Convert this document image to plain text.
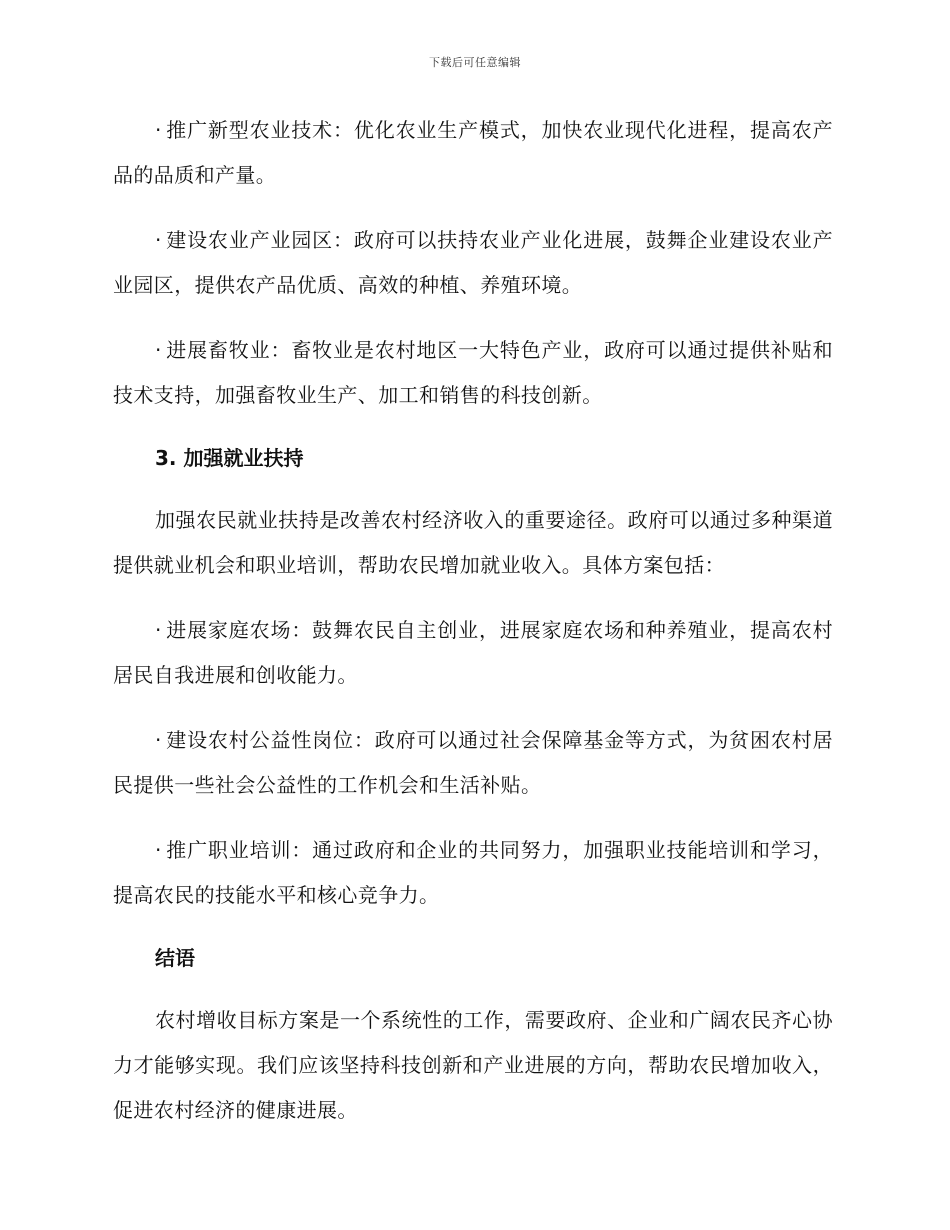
下载后可任意编辑

· 推广新型农业技术：优化农业生产模式，加快农业现代化进程，提高农产品的品质和产量。

· 建设农业产业园区：政府可以扶持农业产业化进展，鼓舞企业建设农业产业园区，提供农产品优质、高效的种植、养殖环境。

· 进展畜牧业：畜牧业是农村地区一大特色产业，政府可以通过提供补贴和技术支持，加强畜牧业生产、加工和销售的科技创新。

3. 加强就业扶持

加强农民就业扶持是改善农村经济收入的重要途径。政府可以通过多种渠道提供就业机会和职业培训，帮助农民增加就业收入。具体方案包括：

· 进展家庭农场：鼓舞农民自主创业，进展家庭农场和种养殖业，提高农村居民自我进展和创收能力。

· 建设农村公益性岗位：政府可以通过社会保障基金等方式，为贫困农村居民提供一些社会公益性的工作机会和生活补贴。

· 推广职业培训：通过政府和企业的共同努力，加强职业技能培训和学习，提高农民的技能水平和核心竞争力。

结语

农村增收目标方案是一个系统性的工作，需要政府、企业和广阔农民齐心协力才能够实现。我们应该坚持科技创新和产业进展的方向，帮助农民增加收入，促进农村经济的健康进展。
